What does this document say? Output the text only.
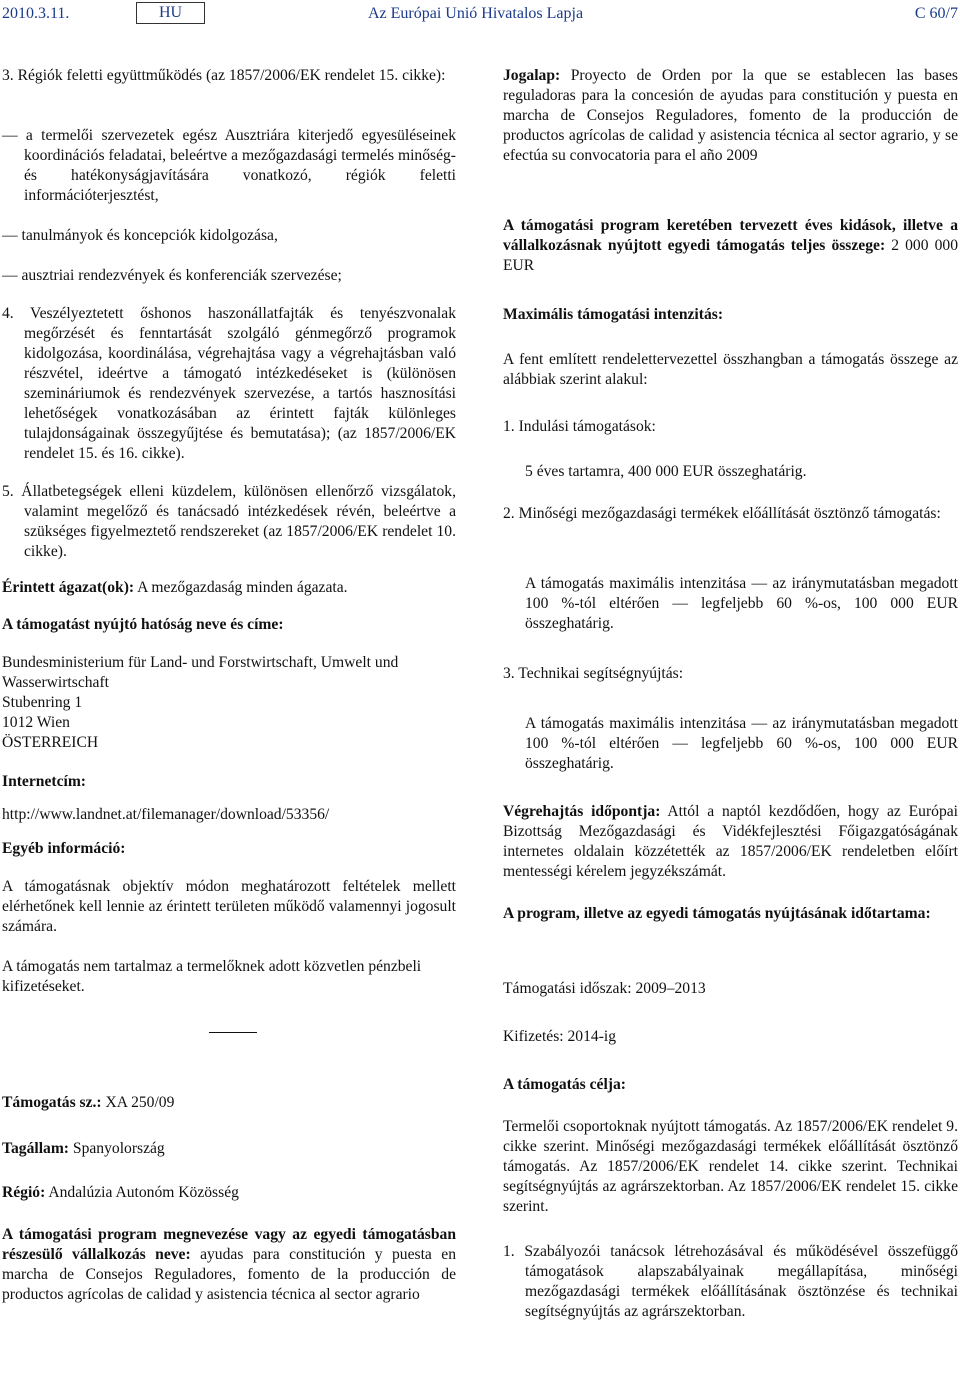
2010.3.11.	HU	Az Európai Unió Hivatalos Lapja	C 60/7

3. Régiók feletti együttműködés (az 1857/2006/EK rendelet 15. cikke):

— a termelői szervezetek egész Ausztriára kiterjedő egyesüléseinek koordinációs feladatai, beleértve a mezőgazdasági termelés minőség- és hatékonyságjavítására vonatkozó, régiók feletti információterjesztést,

— tanulmányok és koncepciók kidolgozása,

— ausztriai rendezvények és konferenciák szervezése;

4. Veszélyeztetett őshonos haszonállatfajták és tenyészvonalak megőrzését és fenntartását szolgáló génmegőrző programok kidolgozása, koordinálása, végrehajtása vagy a végrehajtásban való részvétel, ideértve a támogató intézkedéseket is (különösen szemináriumok és rendezvények szervezése, a tartós hasznosítási lehetőségek vonatkozásában az érintett fajták különleges tulajdonságainak összegyűjtése és bemutatása); (az 1857/2006/EK rendelet 15. és 16. cikke).

5. Állatbetegségek elleni küzdelem, különösen ellenőrző vizsgálatok, valamint megelőző és tanácsadó intézkedések révén, beleértve a szükséges figyelmeztető rendszereket (az 1857/2006/EK rendelet 10. cikke).

Érintett ágazat(ok): A mezőgazdaság minden ágazata.

A támogatást nyújtó hatóság neve és címe:

Bundesministerium für Land- und Forstwirtschaft, Umwelt und Wasserwirtschaft

Stubenring 1

1012 Wien

ÖSTERREICH

Internetcím:

http://www.landnet.at/filemanager/download/53356/

Egyéb információ:

A támogatásnak objektív módon meghatározott feltételek mellett elérhetőnek kell lennie az érintett területen működő valamennyi jogosult számára.

A támogatás nem tartalmaz a termelőknek adott közvetlen pénzbeli kifizetéseket.

Támogatás sz.: XA 250/09

Tagállam: Spanyolország

Régió: Andalúzia Autonóm Közösség

A támogatási program megnevezése vagy az egyedi támogatásban részesülő vállalkozás neve: ayudas para constitución y puesta en marcha de Consejos Reguladores, fomento de la producción de productos agrícolas de calidad y asistencia técnica al sector agrario

Jogalap: Proyecto de Orden por la que se establecen las bases reguladoras para la concesión de ayudas para constitución y puesta en marcha de Consejos Reguladores, fomento de la producción de productos agrícolas de calidad y asistencia técnica al sector agrario, y se efectúa su convocatoria para el año 2009

A támogatási program keretében tervezett éves kidások, illetve a vállalkozásnak nyújtott egyedi támogatás teljes összege: 2 000 000 EUR

Maximális támogatási intenzitás:

A fent említett rendelettervezettel összhangban a támogatás összege az alábbiak szerint alakul:

1. Indulási támogatások:

5 éves tartamra, 400 000 EUR összeghatárig.

2. Minőségi mezőgazdasági termékek előállítását ösztönző támogatás:

A támogatás maximális intenzitása — az iránymutatásban megadott 100 %-tól eltérően — legfeljebb 60 %-os, 100 000 EUR összeghatárig.

3. Technikai segítségnyújtás:

A támogatás maximális intenzitása — az iránymutatásban megadott 100 %-tól eltérően — legfeljebb 60 %-os, 100 000 EUR összeghatárig.

Végrehajtás időpontja: Attól a naptól kezdődően, hogy az Európai Bizottság Mezőgazdasági és Vidékfejlesztési Főigazgatóságának internetes oldalain közzétették az 1857/2006/EK rendeletben előírt mentességi kérelem jegyzékszámát.

A program, illetve az egyedi támogatás nyújtásának időtartama:

Támogatási időszak: 2009–2013

Kifizetés: 2014-ig

A támogatás célja:

Termelői csoportoknak nyújtott támogatás. Az 1857/2006/EK rendelet 9. cikke szerint. Minőségi mezőgazdasági termékek előállítását ösztönző támogatás. Az 1857/2006/EK rendelet 14. cikke szerint. Technikai segítségnyújtás az agrárszektorban. Az 1857/2006/EK rendelet 15. cikke szerint.

1. Szabályozói tanácsok létrehozásával és működésével összefüggő támogatások alapszabályainak megállapítása, minőségi mezőgazdasági termékek előállításának ösztönzése és technikai segítségnyújtás az agrárszektorban.
